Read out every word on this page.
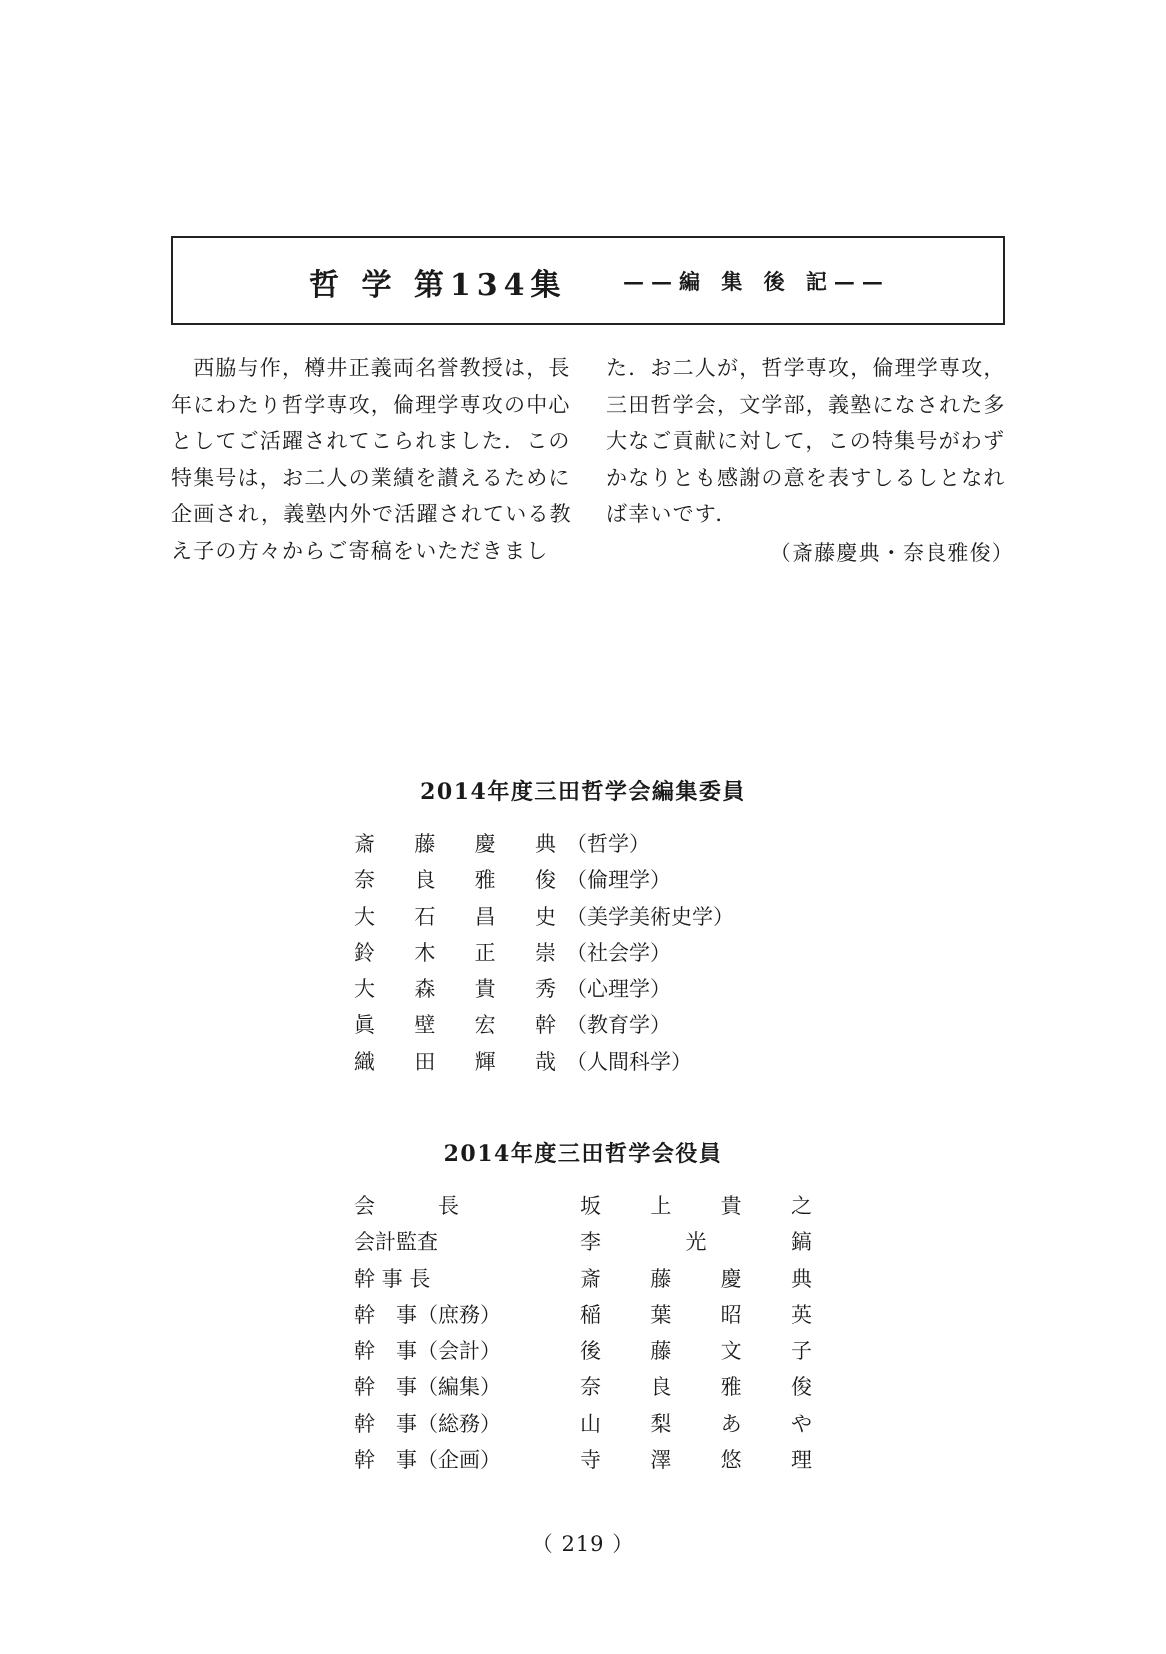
哲 学 第134集	——編 集 後 記——

　西脇与作，樽井正義両名誉教授は，長

年にわたり哲学専攻，倫理学専攻の中心

としてご活躍されてこられました．この

特集号は，お二人の業績を讃えるために

企画され，義塾内外で活躍されている教

え子の方々からご寄稿をいただきまし

た．お二人が，哲学専攻，倫理学専攻，

三田哲学会，文学部，義塾になされた多

大なご貢献に対して，この特集号がわず

かなりとも感謝の意を表すしるしとなれ

ば幸いです．

（斎藤慶典・奈良雅俊）

2014年度三田哲学会編集委員
斎藤慶典 （哲学）
奈良雅俊 （倫理学）
大石昌史 （美学美術史学）
鈴木正崇 （社会学）
大森貴秀 （心理学）
眞壁宏幹 （教育学）
織田輝哉 （人間科学）
2014年度三田哲学会役員
会　　　長	坂上貴之
会計監査	李　光　鎬
幹 事 長	斎藤慶典
幹　事（庶務）	稲葉昭英
幹　事（会計）	後藤文子
幹　事（編集）	奈良雅俊
幹　事（総務）	山梨あや
幹　事（企画）	寺澤悠理
（ 219 ）
